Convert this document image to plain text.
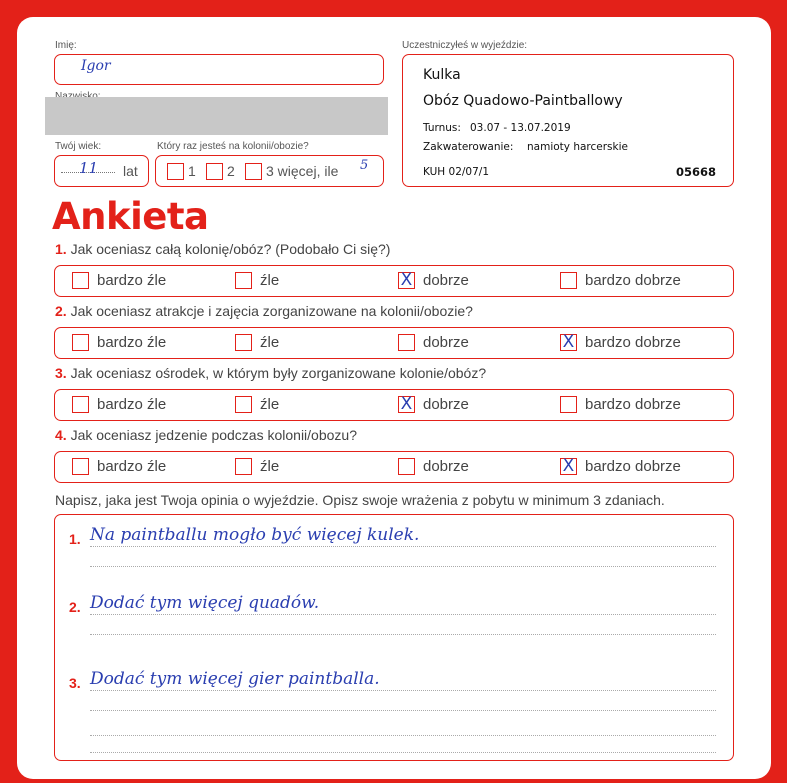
Imię:
Igor
Twój wiek:
11 lat
Który raz jesteś na kolonii/obozie?
1 2 3 więcej, ile 5
Uczestniczyłeś w wyjeździe:
Kulka
Obóz Quadowo-Paintballowy
Turnus: 03.07 - 13.07.2019
Zakwaterowanie: namioty harcerskie
KUH 02/07/1	05668
Ankieta
1. Jak oceniasz całą kolonię/obóz? (Podobało Ci się?)
bardzo źle	źle	X dobrze	bardzo dobrze
2. Jak oceniasz atrakcje i zajęcia zorganizowane na kolonii/obozie?
bardzo źle	źle	dobrze	X bardzo dobrze
3. Jak oceniasz ośrodek, w którym były zorganizowane kolonie/obóz?
bardzo źle	źle	X dobrze	bardzo dobrze
4. Jak oceniasz jedzenie podczas kolonii/obozu?
bardzo źle	źle	dobrze	X bardzo dobrze
Napisz, jaka jest Twoja opinia o wyjeździe. Opisz swoje wrażenia z pobytu w minimum 3 zdaniach.
1. Na paintballu mogło być więcej kulek.
2. Dodać tym więcej quadów.
3. Dodać tym więcej gier paintballa.
